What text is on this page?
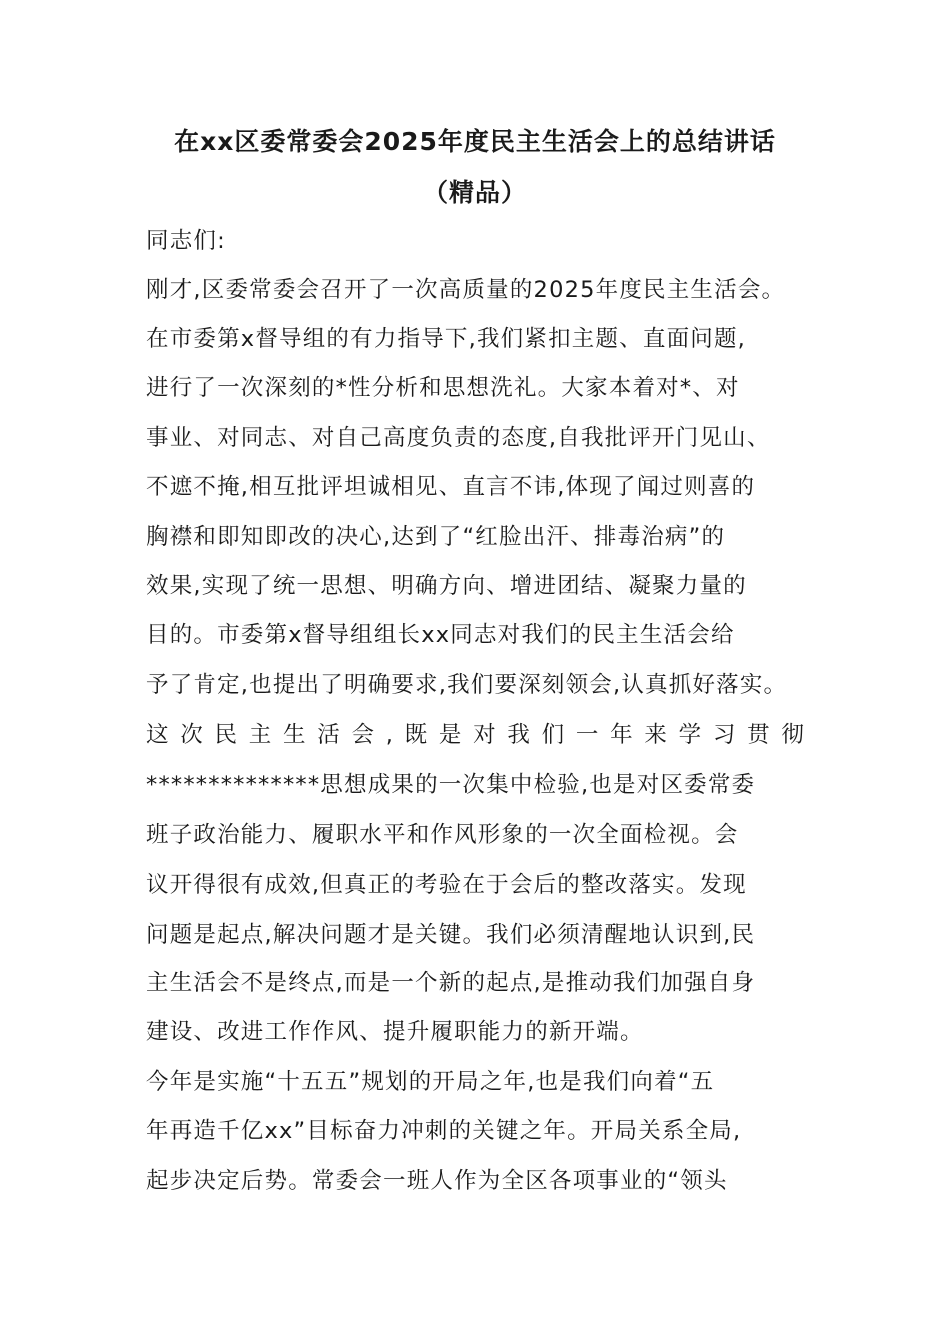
在xx区委常委会2025年度民主生活会上的总结讲话
（精品）
同志们:
刚才,区委常委会召开了一次高质量的2025年度民主生活会。
在市委第x督导组的有力指导下,我们紧扣主题、直面问题,
进行了一次深刻的*性分析和思想洗礼。大家本着对*、对
事业、对同志、对自己高度负责的态度,自我批评开门见山、
不遮不掩,相互批评坦诚相见、直言不讳,体现了闻过则喜的
胸襟和即知即改的决心,达到了“红脸出汗、排毒治病”的
效果,实现了统一思想、明确方向、增进团结、凝聚力量的
目的。市委第x督导组组长xx同志对我们的民主生活会给
予了肯定,也提出了明确要求,我们要深刻领会,认真抓好落实。
这 次 民 主 生 活 会 , 既 是 对 我 们 一 年 来 学 习 贯 彻
**************思想成果的一次集中检验,也是对区委常委
班子政治能力、履职水平和作风形象的一次全面检视。会
议开得很有成效,但真正的考验在于会后的整改落实。发现
问题是起点,解决问题才是关键。我们必须清醒地认识到,民
主生活会不是终点,而是一个新的起点,是推动我们加强自身
建设、改进工作作风、提升履职能力的新开端。
今年是实施“十五五”规划的开局之年,也是我们向着“五
年再造千亿xx”目标奋力冲刺的关键之年。开局关系全局,
起步决定后势。常委会一班人作为全区各项事业的“领头
